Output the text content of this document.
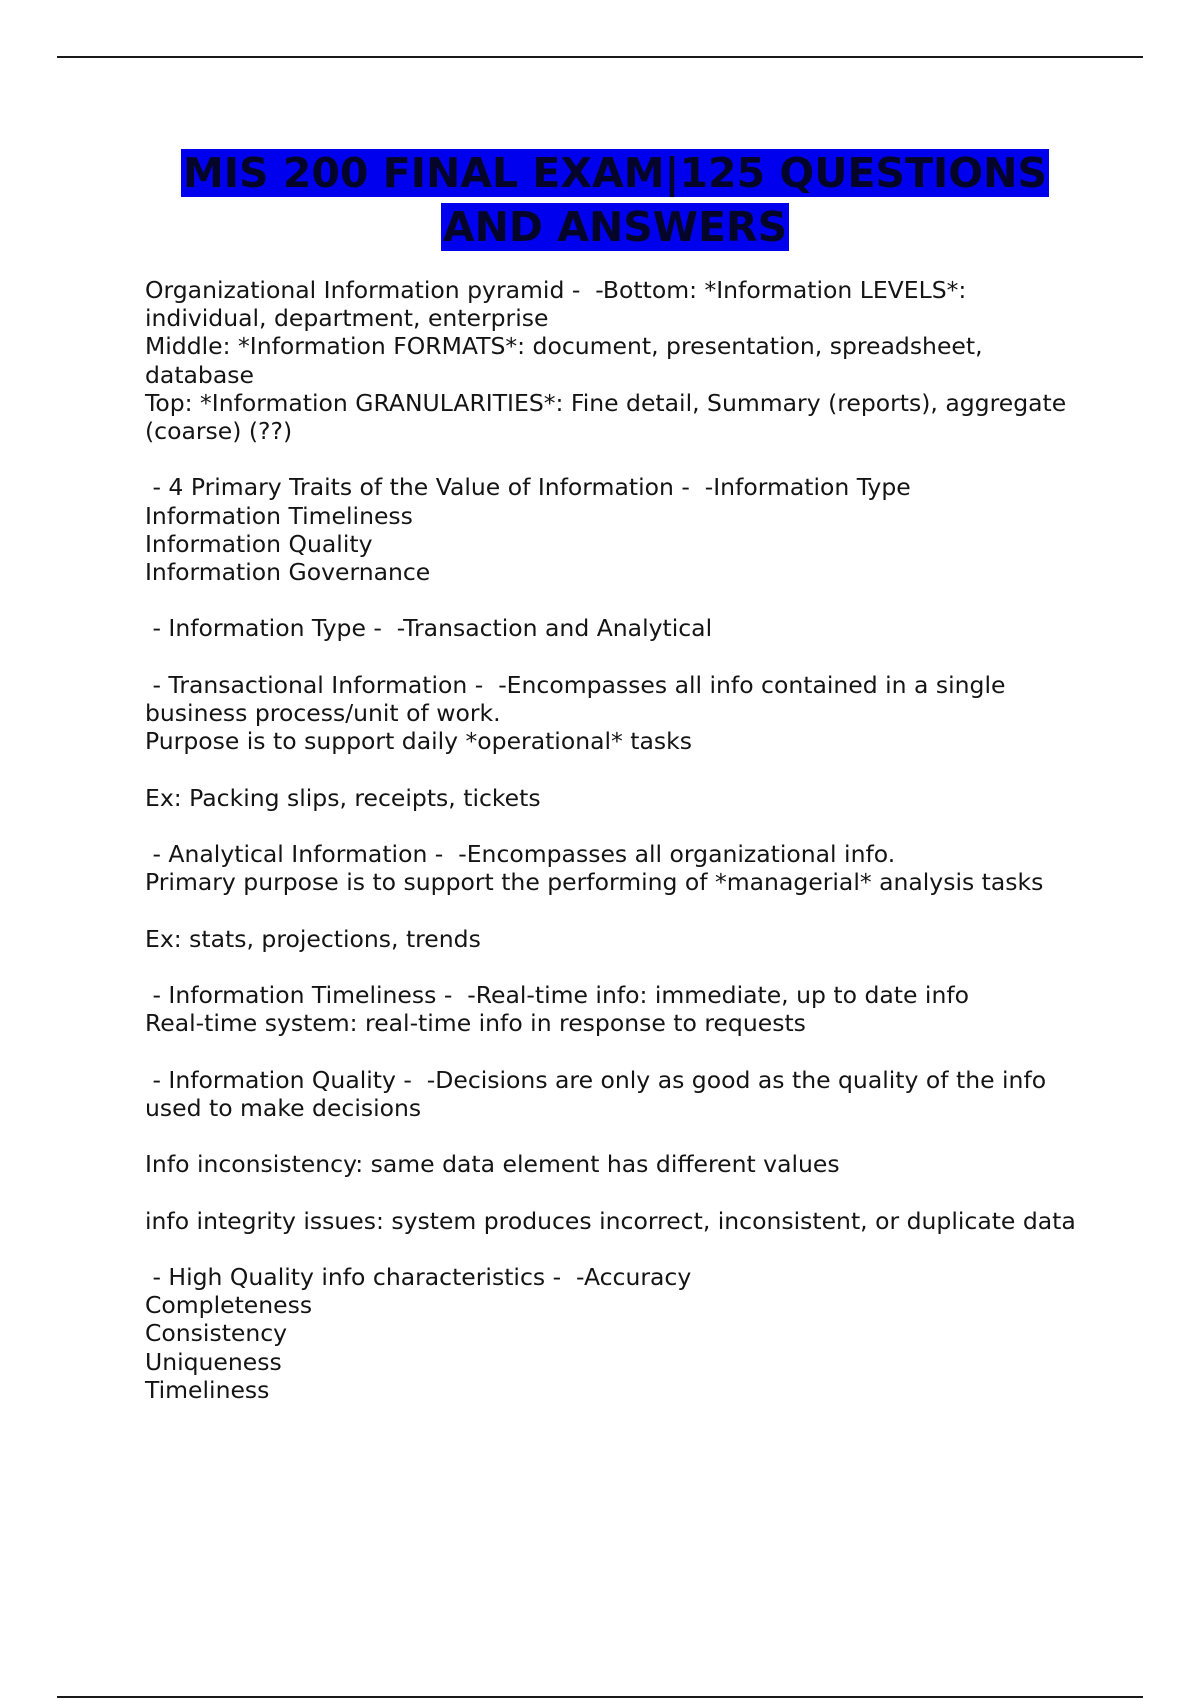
MIS 200 FINAL EXAM|125 QUESTIONS
AND ANSWERS
Organizational Information pyramid -  -Bottom: *Information LEVELS*: individual, department, enterprise
Middle: *Information FORMATS*: document, presentation, spreadsheet, database
Top: *Information GRANULARITIES*: Fine detail, Summary (reports), aggregate (coarse) (??)
- 4 Primary Traits of the Value of Information -  -Information Type
Information Timeliness
Information Quality
Information Governance
- Information Type -  -Transaction and Analytical
- Transactional Information -  -Encompasses all info contained in a single business process/unit of work.
Purpose is to support daily *operational* tasks
Ex: Packing slips, receipts, tickets
- Analytical Information -  -Encompasses all organizational info.
Primary purpose is to support the performing of *managerial* analysis tasks
Ex: stats, projections, trends
- Information Timeliness -  -Real-time info: immediate, up to date info
Real-time system: real-time info in response to requests
- Information Quality -  -Decisions are only as good as the quality of the info used to make decisions
Info inconsistency: same data element has different values
info integrity issues: system produces incorrect, inconsistent, or duplicate data
- High Quality info characteristics -  -Accuracy
Completeness
Consistency
Uniqueness
Timeliness
